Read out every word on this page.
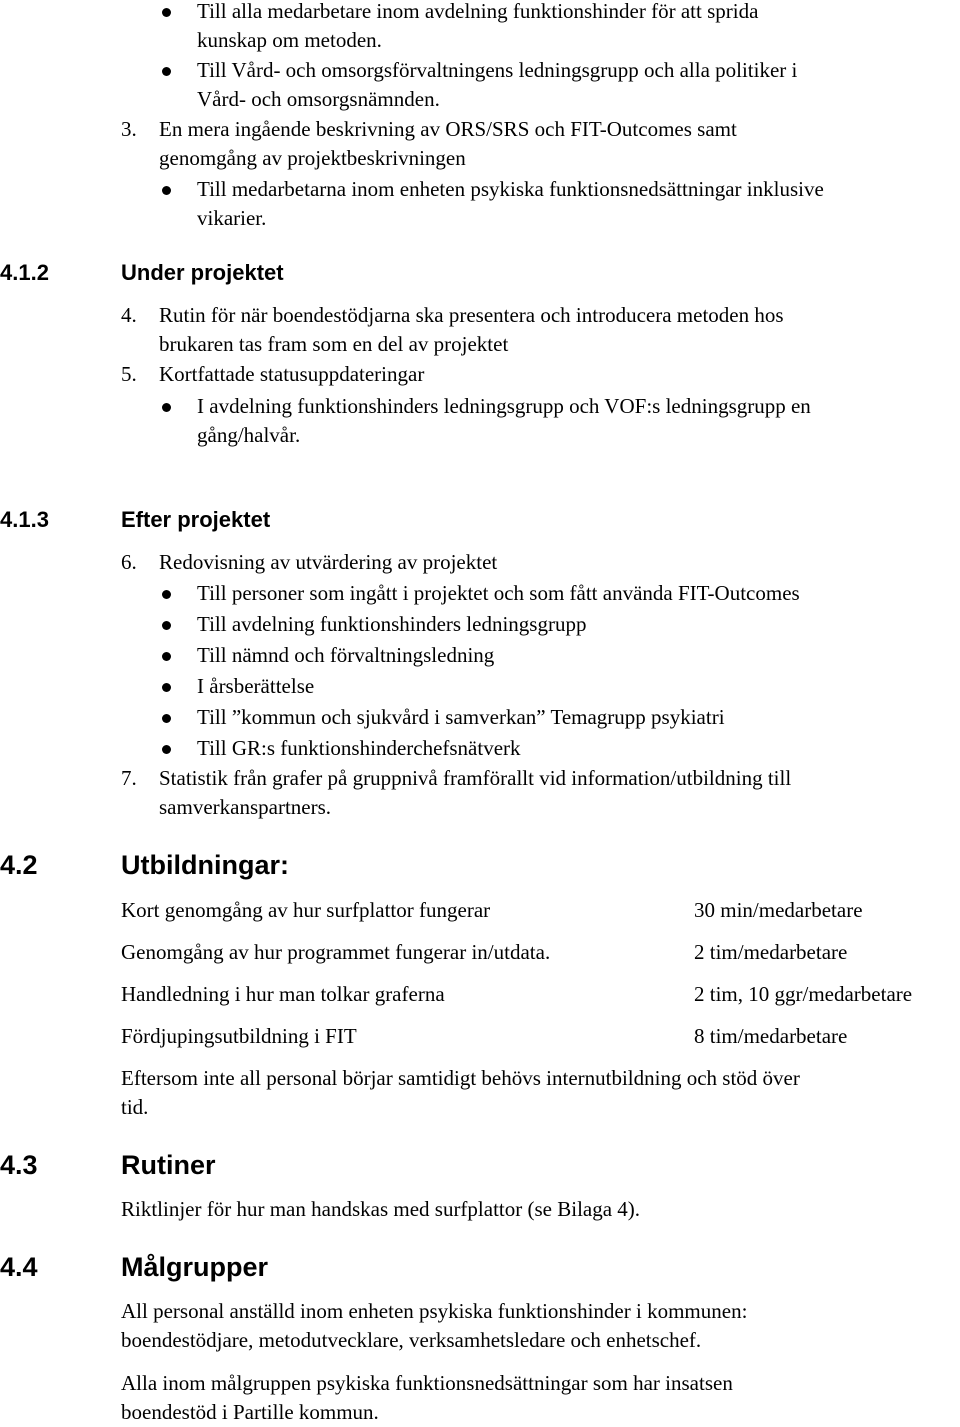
Till alla medarbetare inom avdelning funktionshinder för att sprida
kunskap om metoden.
Till Vård- och omsorgsförvaltningens ledningsgrupp och alla politiker i
Vård- och omsorgsnämnden.
3. En mera ingående beskrivning av ORS/SRS och FIT-Outcomes samt
genomgång av projektbeskrivningen
Till medarbetarna inom enheten psykiska funktionsnedsättningar inklusive
vikarier.
4.1.2	Under projektet
4. Rutin för när boendestödjarna ska presentera och introducera metoden hos
brukaren tas fram som en del av projektet
5. Kortfattade statusuppdateringar
I avdelning funktionshinders ledningsgrupp och VOF:s ledningsgrupp en
gång/halvår.
4.1.3	Efter projektet
6. Redovisning av utvärdering av projektet
Till personer som ingått i projektet och som fått använda FIT-Outcomes
Till avdelning funktionshinders ledningsgrupp
Till nämnd och förvaltningsledning
I årsberättelse
Till ”kommun och sjukvård i samverkan” Temagrupp psykiatri
Till GR:s funktionshinderchefsnätverk
7. Statistik från grafer på gruppnivå framförallt vid information/utbildning till
samverkanspartners.
4.2	Utbildningar:
Kort genomgång av hur surfplattor fungerar	30 min/medarbetare
Genomgång av hur programmet fungerar in/utdata.	2 tim/medarbetare
Handledning i hur man tolkar graferna	2 tim, 10 ggr/medarbetare
Fördjupingsutbildning i FIT	8 tim/medarbetare
Eftersom inte all personal börjar samtidigt behövs internutbildning och stöd över
tid.
4.3	Rutiner
Riktlinjer för hur man handskas med surfplattor (se Bilaga 4).
4.4	Målgrupper
All personal anställd inom enheten psykiska funktionshinder i kommunen:
boendestödjare, metodutvecklare, verksamhetsledare och enhetschef.
Alla inom målgruppen psykiska funktionsnedsättningar som har insatsen
boendestöd i Partille kommun.
